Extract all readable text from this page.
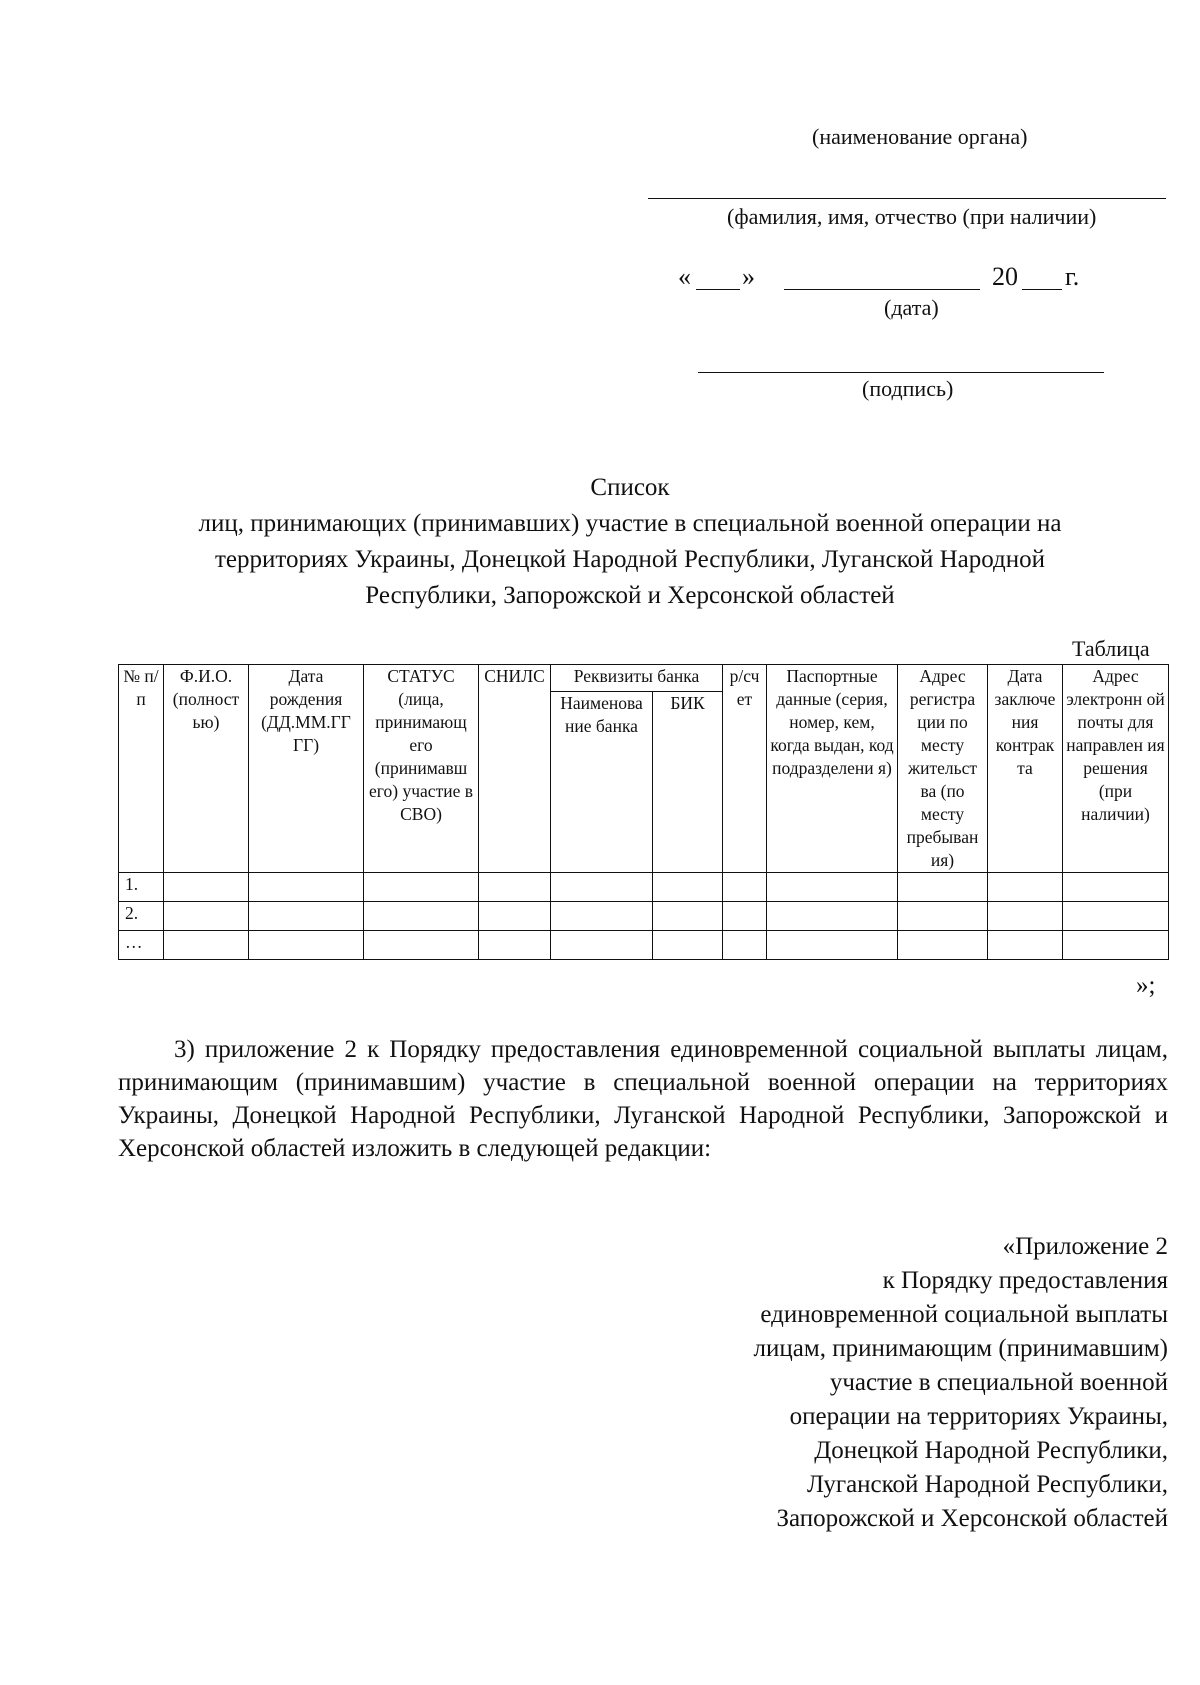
(наименование органа)
(фамилия, имя, отчество (при наличии)
« »	20 г.
(дата)
(подпись)
Список
лиц, принимающих (принимавших) участие в специальной военной операции на
территориях Украины, Донецкой Народной Республики, Луганской Народной
Республики, Запорожской и Херсонской областей
Таблица
№ п/п	Ф.И.О. (полност ью)	Дата рождения (ДД.ММ.ГГ ГГ)	СТАТУС (лица, принимающ его (принимавш его) участие в СВО)	СНИЛС	Реквизиты банка		р/сч ет	Паспортные данные (серия, номер, кем, когда выдан, код подразделени я)	Адрес регистра ции по месту жительст ва (по месту пребыван ия)	Дата заключе ния контрак та	Адрес электронн ой почты для направлен ия решения (при наличии)
					Наименова ние банка	БИК					
1.											
2.											
…											
»;

3) приложение 2 к Порядку предоставления единовременной социальной выплаты лицам, принимающим (принимавшим) участие в специальной военной операции на территориях Украины, Донецкой Народной Республики, Луганской Народной Республики, Запорожской и Херсонской областей изложить в следующей редакции:

«Приложение 2
к Порядку предоставления
единовременной социальной выплаты
лицам, принимающим (принимавшим)
участие в специальной военной
операции на территориях Украины,
Донецкой Народной Республики,
Луганской Народной Республики,
Запорожской и Херсонской областей
